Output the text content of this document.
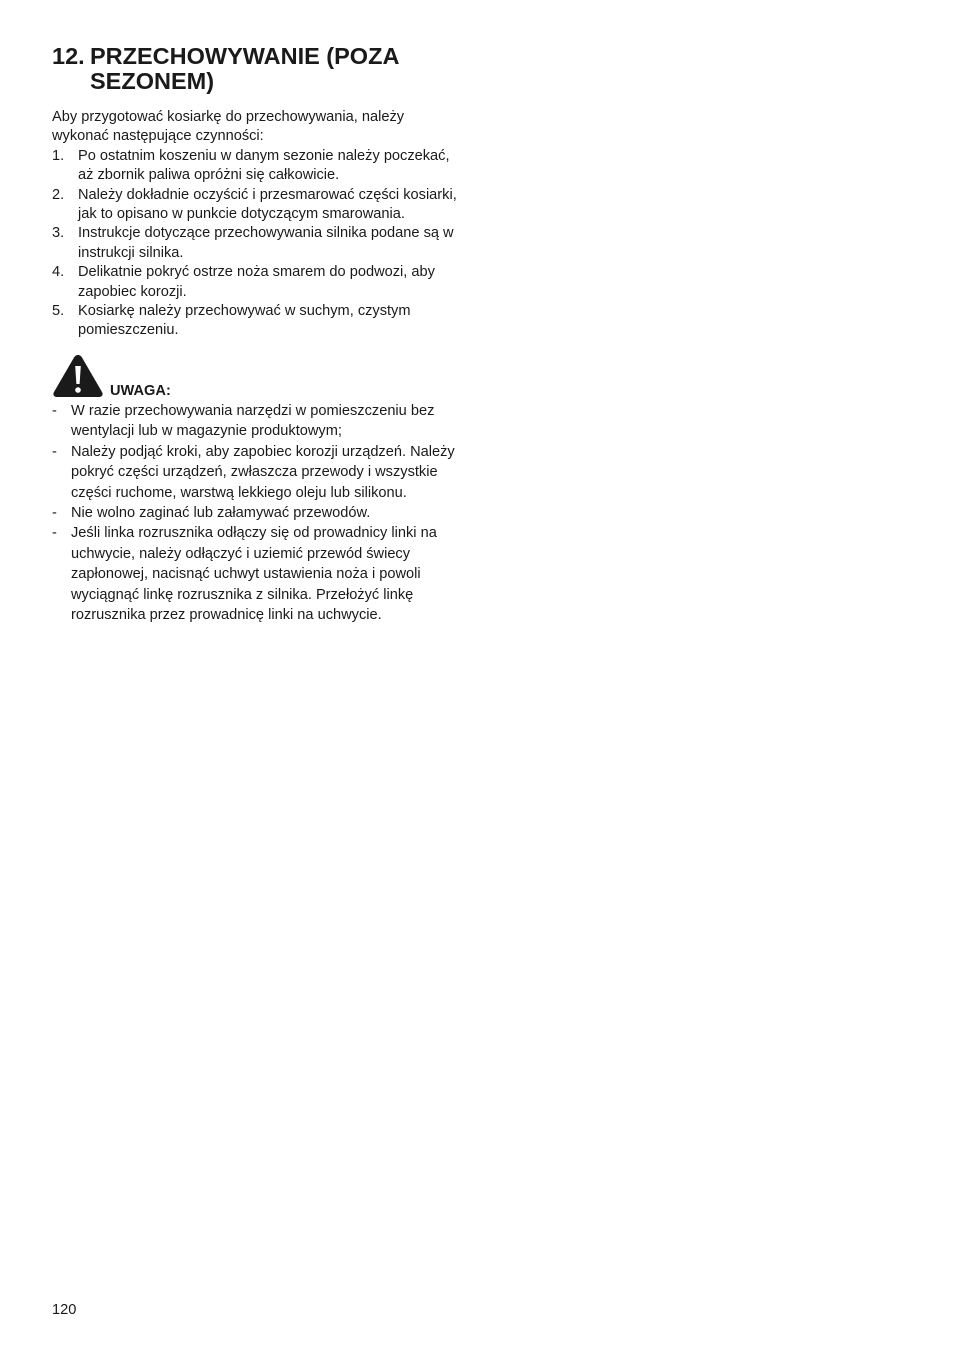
12. PRZECHOWYWANIE (POZA SEZONEM)

Aby przygotować kosiarkę do przechowywania, należy wykonać następujące czynności:

1. Po ostatnim koszeniu w danym sezonie należy poczekać, aż zbornik paliwa opróżni się całkowicie.
2. Należy dokładnie oczyścić i przesmarować części kosiarki, jak to opisano w punkcie dotyczącym smarowania.
3. Instrukcje dotyczące przechowywania silnika podane są w instrukcji silnika.
4. Delikatnie pokryć ostrze noża smarem do podwozi, aby zapobiec korozji.
5. Kosiarkę należy przechowywać w suchym, czystym pomieszczeniu.
UWAGA:
- W razie przechowywania narzędzi w pomieszczeniu bez wentylacji lub w magazynie produktowym;
- Należy podjąć kroki, aby zapobiec korozji urządzeń. Należy pokryć części urządzeń, zwłaszcza przewody i wszystkie części ruchome, warstwą lekkiego oleju lub silikonu.
- Nie wolno zaginać lub załamywać przewodów.
- Jeśli linka rozrusznika odłączy się od prowadnicy linki na uchwycie, należy odłączyć i uziemić przewód świecy zapłonowej, nacisnąć uchwyt ustawienia noża i powoli wyciągnąć linkę rozrusznika z silnika. Przełożyć linkę rozrusznika przez prowadnicę linki na uchwycie.
120
